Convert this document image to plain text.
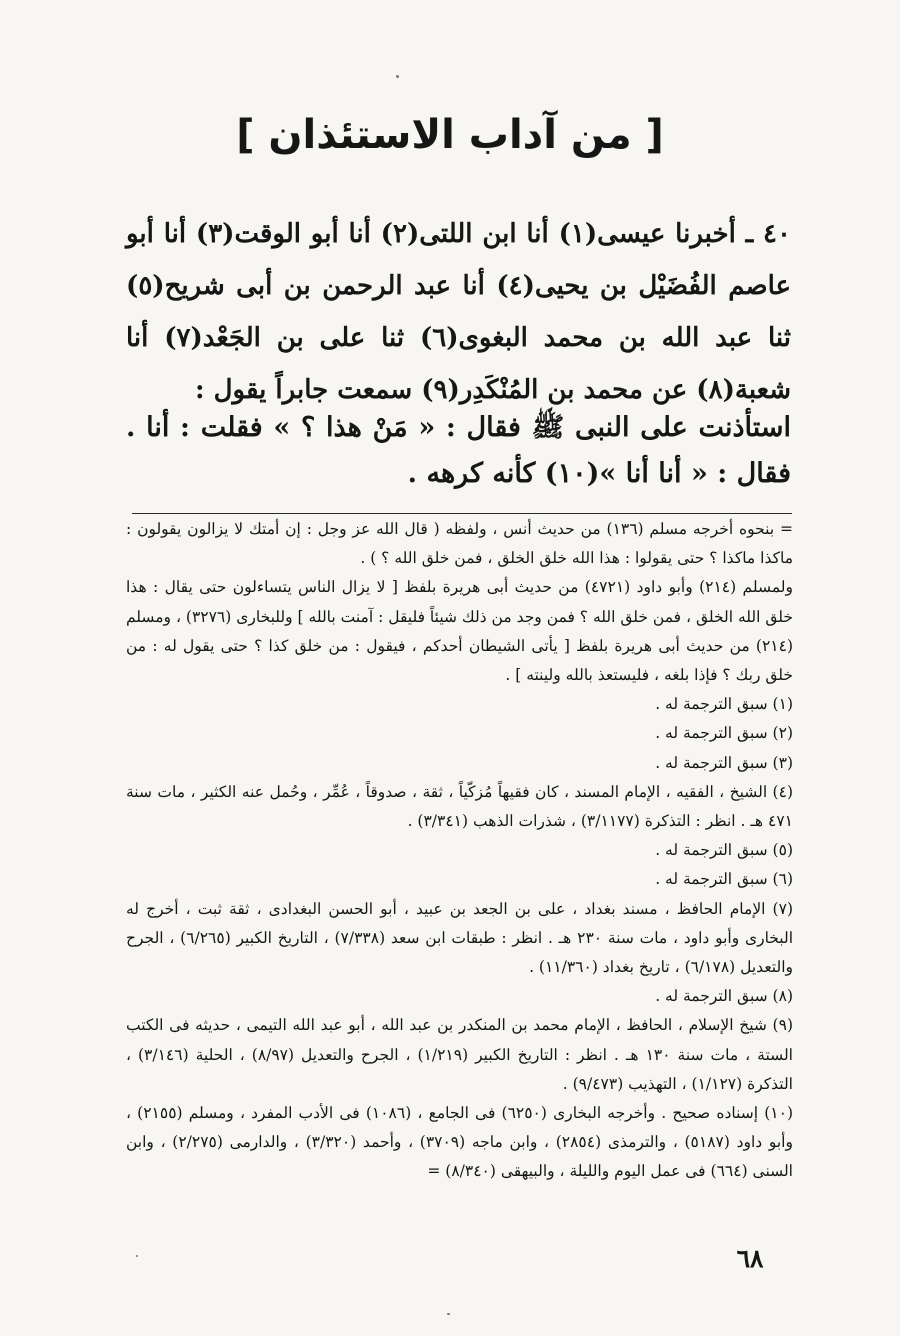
[ من آداب الاستئذان ]

٤٠ ـ أخبرنا عيسى(١) أنا ابن اللتى(٢) أنا أبو الوقت(٣) أنا أبو عاصم الفُضَيْل بن يحيى(٤) أنا عبد الرحمن بن أبى شريح(٥) ثنا عبد الله بن محمد البغوى(٦) ثنا على بن الجَعْد(٧) أنا شعبة(٨) عن محمد بن المُنْكَدِر(٩) سمعت جابراً يقول :

استأذنت على النبى ﷺ فقال : « مَنْ هذا ؟ » فقلت : أنا . فقال : « أنا أنا »(١٠) كأنه كرهه .

= بنحوه أخرجه مسلم (١٣٦) من حديث أنس ، ولفظه ( قال الله عز وجل : إن أمتك لا يزالون يقولون : ماكذا ماكذا ؟ حتى يقولوا : هذا الله خلق الخلق ، فمن خلق الله ؟ ) .

ولمسلم (٢١٤) وأبو داود (٤٧٢١) من حديث أبى هريرة بلفظ [ لا يزال الناس يتساءلون حتى يقال : هذا خلق الله الخلق ، فمن خلق الله ؟ فمن وجد من ذلك شيئاً فليقل : آمنت بالله ] وللبخارى (٣٢٧٦) ، ومسلم (٢١٤) من حديث أبى هريرة بلفظ [ يأتى الشيطان أحدكم ، فيقول : من خلق كذا ؟ حتى يقول له : من خلق ربك ؟ فإذا بلغه ، فليستعذ بالله ولينته ] .

(١) سبق الترجمة له .

(٢) سبق الترجمة له .

(٣) سبق الترجمة له .

(٤) الشيخ ، الفقيه ، الإمام المسند ، كان فقيهاً مُزكّياً ، ثقة ، صدوقاً ، عُمِّر ، وحُمل عنه الكثير ، مات سنة ٤٧١ هـ . انظر : التذكرة (٣/١١٧٧) ، شذرات الذهب (٣/٣٤١) .

(٥) سبق الترجمة له .

(٦) سبق الترجمة له .

(٧) الإمام الحافظ ، مسند بغداد ، على بن الجعد بن عبيد ، أبو الحسن البغدادى ، ثقة ثبت ، أخرج له البخارى وأبو داود ، مات سنة ٢٣٠ هـ . انظر : طبقات ابن سعد (٧/٣٣٨) ، التاريخ الكبير (٦/٢٦٥) ، الجرح والتعديل (٦/١٧٨) ، تاريخ بغداد (١١/٣٦٠) .

(٨) سبق الترجمة له .

(٩) شيخ الإسلام ، الحافظ ، الإمام محمد بن المنكدر بن عبد الله ، أبو عبد الله التيمى ، حديثه فى الكتب الستة ، مات سنة ١٣٠ هـ . انظر : التاريخ الكبير (١/٢١٩) ، الجرح والتعديل (٨/٩٧) ، الحلية (٣/١٤٦) ، التذكرة (١/١٢٧) ، التهذيب (٩/٤٧٣) .

(١٠) إسناده صحيح . وأخرجه البخارى (٦٢٥٠) فى الجامع ، (١٠٨٦) فى الأدب المفرد ، ومسلم (٢١٥٥) ، وأبو داود (٥١٨٧) ، والترمذى (٢٨٥٤) ، وابن ماجه (٣٧٠٩) ، وأحمد (٣/٣٢٠) ، والدارمى (٢/٢٧٥) ، وابن السنى (٦٦٤) فى عمل اليوم والليلة ، والبيهقى (٨/٣٤٠) =

٦٨
